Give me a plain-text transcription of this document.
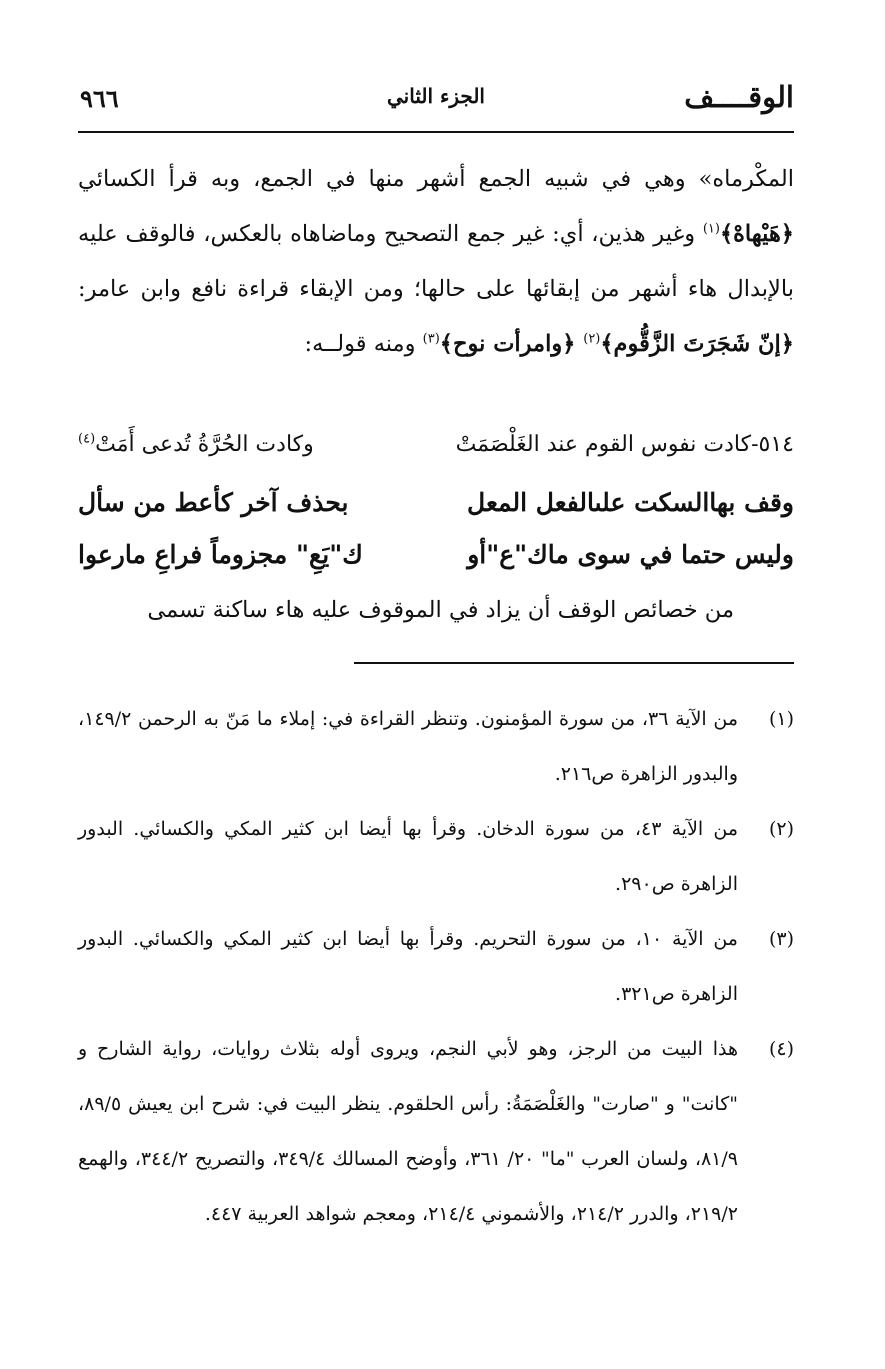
الوقــــف
الجزء الثاني
٩٦٦

المكْرماه» وهي في شبيه الجمع أشهر منها في الجمع، وبه قرأ الكسائي ﴿هَيْهاهْ﴾$^{(١)}$ وغير هذين، أي: غير جمع التصحيح وماضاهاه بالعكس، فالوقف عليه بالإبدال هاء أشهر من إبقائها على حالها؛ ومن الإبقاء قراءة نافع وابن عامر: ﴿إنّ شَجَرَتَ الزَّقُّوم﴾$^{(٢)}$ ﴿وامرأت نوح﴾$^{(٣)}$ ومنه قولــه:

٥١٤-كادت نفوس القوم عند الغَلْصَمَتْ
وكادت الحُرَّةُ تُدعى أَمَتْ$^{(٤)}$
وقف بهاالسكت علىالفعل المعل
بحذف آخر كأعط من سأل
وليس حتما في سوى ماك"ع"أو
ك"يَعِ" مجزوماً فراعِ مارعوا
من خصائص الوقف أن يزاد في الموقوف عليه هاء ساكنة تسمى
(١)
من الآية ٣٦، من سورة المؤمنون. وتنظر القراءة في: إملاء ما مَنّ به الرحمن ١٤٩/٢، والبدور الزاهرة ص٢١٦.
(٢)
من الآية ٤٣، من سورة الدخان. وقرأ بها أيضا ابن كثير المكي والكسائي. البدور الزاهرة ص٢٩٠.
(٣)
من الآية ١٠، من سورة التحريم. وقرأ بها أيضا ابن كثير المكي والكسائي. البدور الزاهرة ص٣٢١.
(٤)
هذا البيت من الرجز، وهو لأبي النجم، ويروى أوله بثلاث روايات، رواية الشارح و "كانت" و "صارت" والغَلْصَمَةُ: رأس الحلقوم. ينظر البيت في: شرح ابن يعيش ٨٩/٥، ٨١/٩، ولسان العرب "ما" ٢٠/ ٣٦١، وأوضح المسالك ٣٤٩/٤، والتصريح ٣٤٤/٢، والهمع ٢١٩/٢، والدرر ٢١٤/٢، والأشموني ٢١٤/٤، ومعجم شواهد العربية ٤٤٧.
